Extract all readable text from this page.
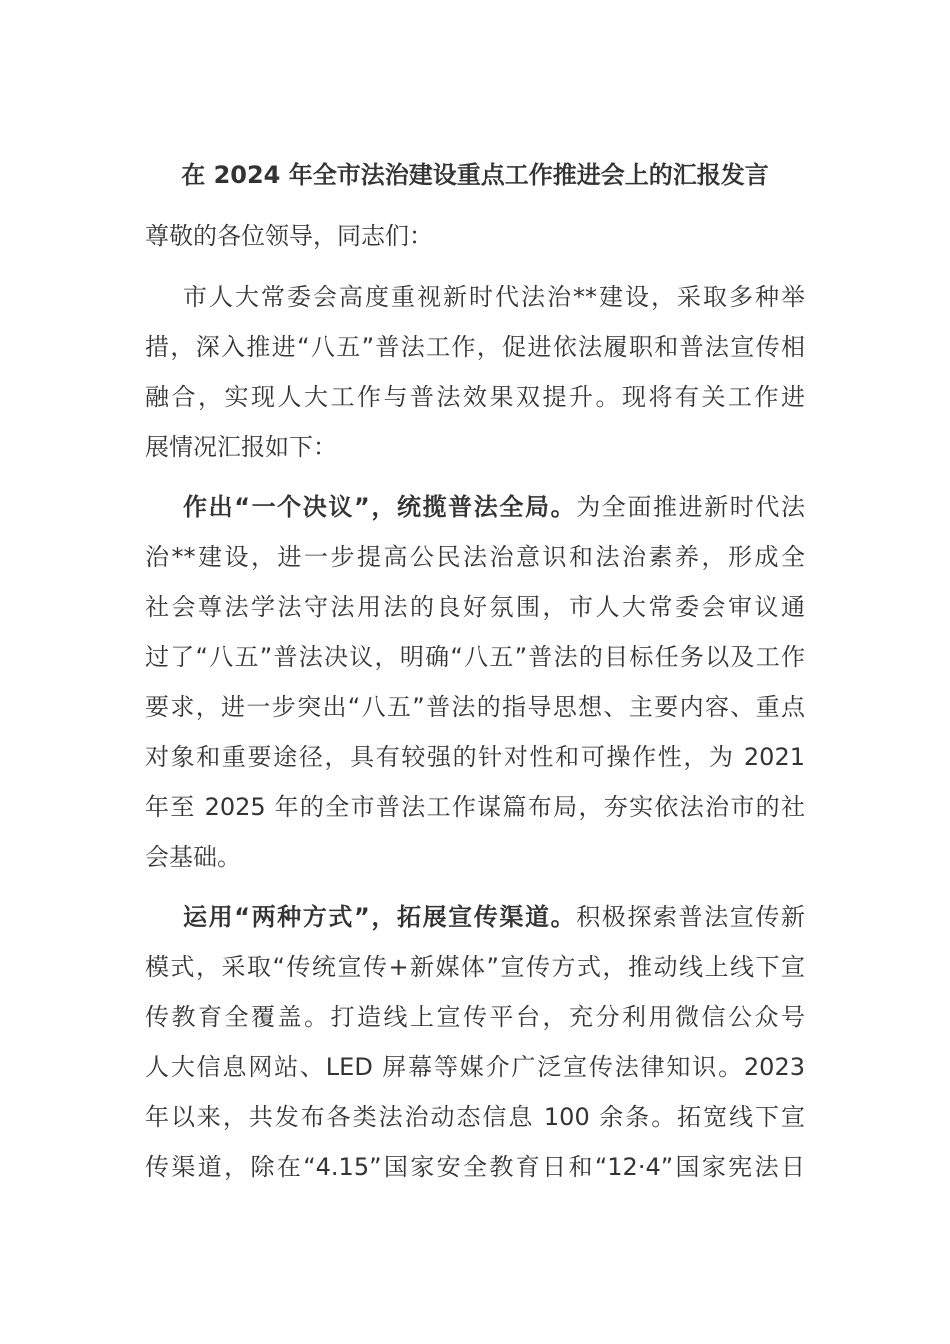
在 2024 年全市法治建设重点工作推进会上的汇报发言

尊敬的各位领导，同志们：

市人大常委会高度重视新时代法治**建设，采取多种举
措，深入推进“八五”普法工作，促进依法履职和普法宣传相
融合，实现人大工作与普法效果双提升。现将有关工作进
展情况汇报如下：
作出“一个决议”，统揽普法全局。为全面推进新时代法
治**建设，进一步提高公民法治意识和法治素养，形成全
社会尊法学法守法用法的良好氛围，市人大常委会审议通
过了“八五”普法决议，明确“八五”普法的目标任务以及工作
要求，进一步突出“八五”普法的指导思想、主要内容、重点
对象和重要途径，具有较强的针对性和可操作性，为 2021
年至 2025 年的全市普法工作谋篇布局，夯实依法治市的社
会基础。
运用“两种方式”，拓展宣传渠道。积极探索普法宣传新
模式，采取“传统宣传+新媒体”宣传方式，推动线上线下宣
传教育全覆盖。打造线上宣传平台，充分利用微信公众号
人大信息网站、LED 屏幕等媒介广泛宣传法律知识。2023
年以来，共发布各类法治动态信息 100 余条。拓宽线下宣
传渠道，除在“4.15”国家安全教育日和“12·4”国家宪法日
